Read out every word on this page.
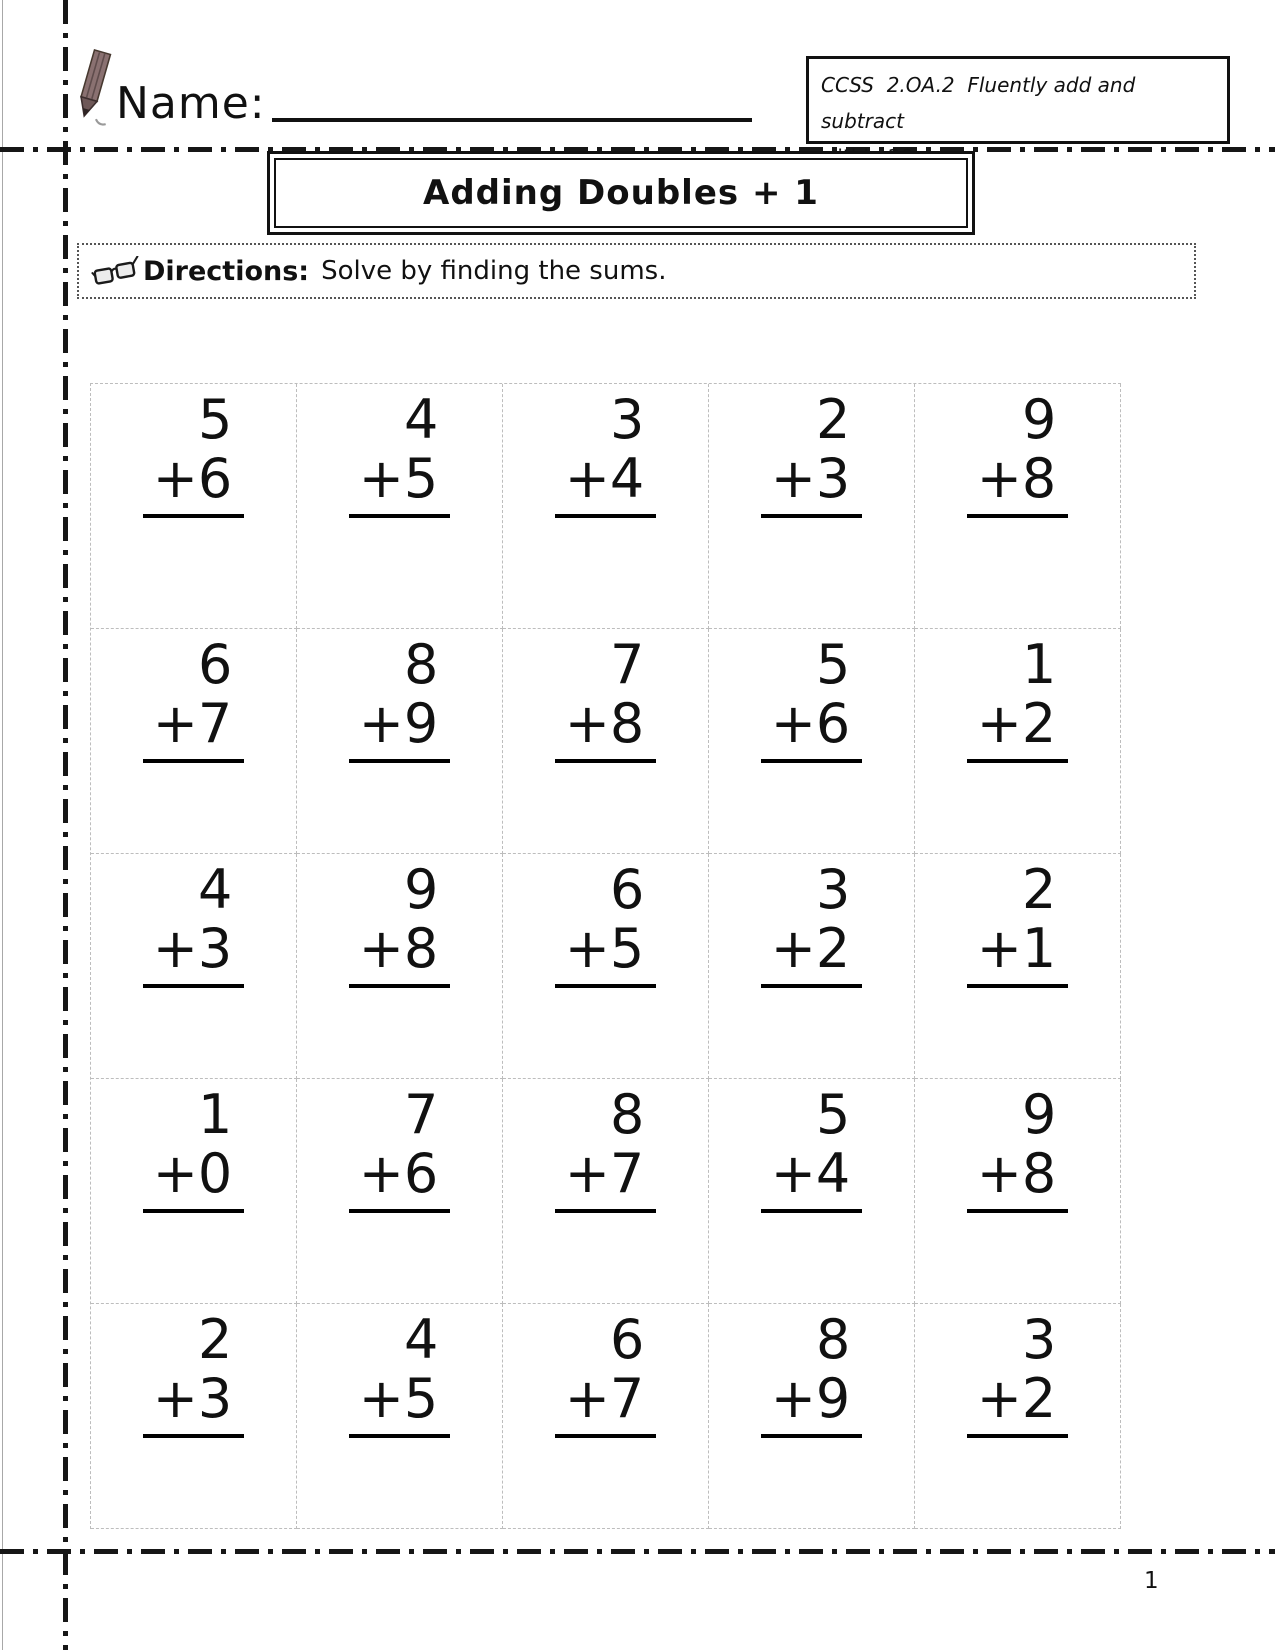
Name:	CCSS  2.OA.2  Fluently add and subtract
Adding Doubles + 1
Directions: Solve by finding the sums.
5
+6
4
+5
3
+4
2
+3
9
+8
6
+7
8
+9
7
+8
5
+6
1
+2
4
+3
9
+8
6
+5
3
+2
2
+1
1
+0
7
+6
8
+7
5
+4
9
+8
2
+3
4
+5
6
+7
8
+9
3
+2
1
